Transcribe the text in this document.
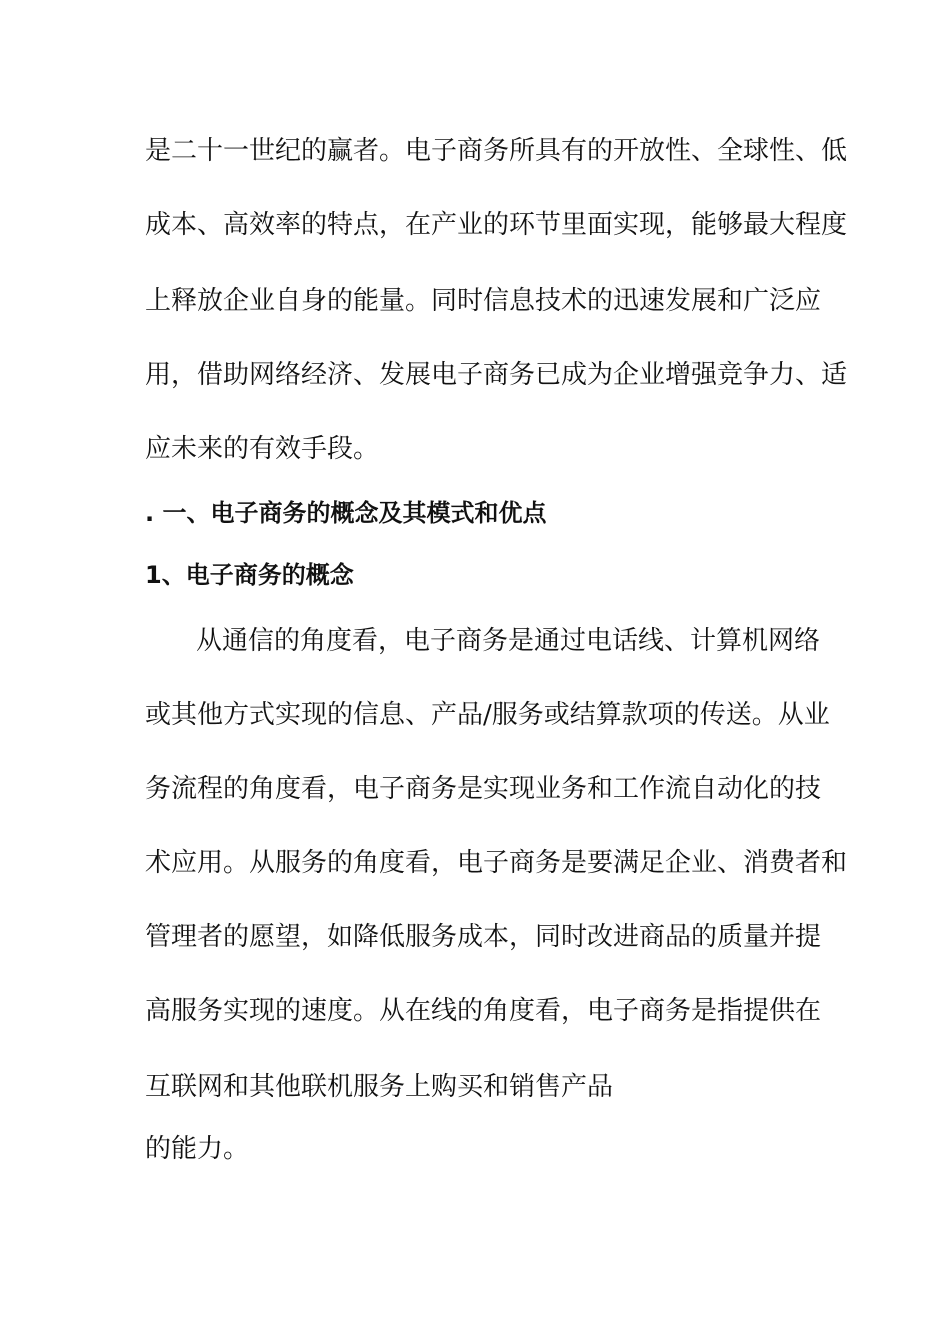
是二十一世纪的赢者。电子商务所具有的开放性、全球性、低
成本、高效率的特点，在产业的环节里面实现，能够最大程度
上释放企业自身的能量。同时信息技术的迅速发展和广泛应
用，借助网络经济、发展电子商务已成为企业增强竞争力、适
应未来的有效手段。
. 一、电子商务的概念及其模式和优点
1、电子商务的概念
从通信的角度看，电子商务是通过电话线、计算机网络
或其他方式实现的信息、产品/服务或结算款项的传送。从业
务流程的角度看，电子商务是实现业务和工作流自动化的技
术应用。从服务的角度看，电子商务是要满足企业、消费者和
管理者的愿望，如降低服务成本，同时改进商品的质量并提
高服务实现的速度。从在线的角度看，电子商务是指提供在
互联网和其他联机服务上购买和销售产品
的能力。
